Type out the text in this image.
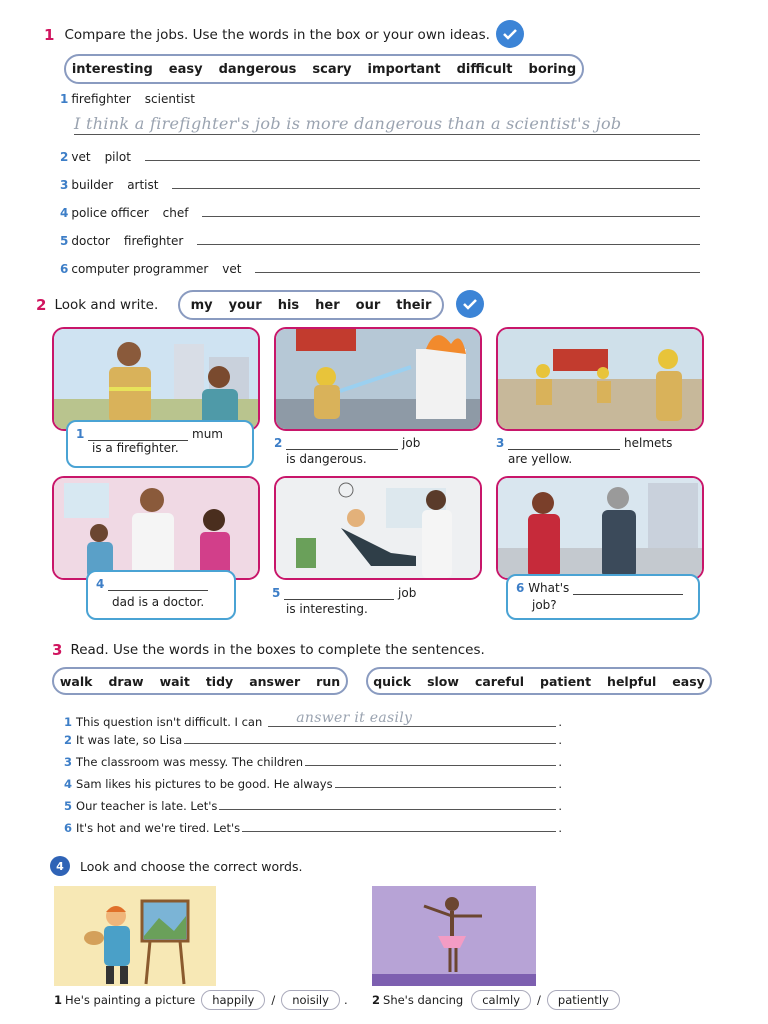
1 Compare the jobs. Use the words in the box or your own ideas.
interesting easy dangerous scary important difficult boring
1 firefighter scientist
I think a firefighter's job is more dangerous than a scientist's job
2 vet pilot
3 builder artist
4 police officer chef
5 doctor firefighter
6 computer programmer vet
2 Look and write. my your his her our their
1	mum
is a firefighter.	2	job
is dangerous.
3	helmets
are yellow.
4
dad is a doctor.
5	job
is interesting.
6 What's
job?
3 Read. Use the words in the boxes to complete the sentences.
walk draw wait tidy answer run	quick slow careful patient helpful easy
1 This question isn't difficult. I can	answer it easily	.
2 It was late, so Lisa	.
3 The classroom was messy. The children	.
4 Sam likes his pictures to be good. He always	.
5 Our teacher is late. Let's	.
6 It's hot and we're tired. Let's	.
4	Look and choose the correct words.
1 He's painting a picture	happily	/	noisily	. 2 She's dancing	calmly	/	patiently
